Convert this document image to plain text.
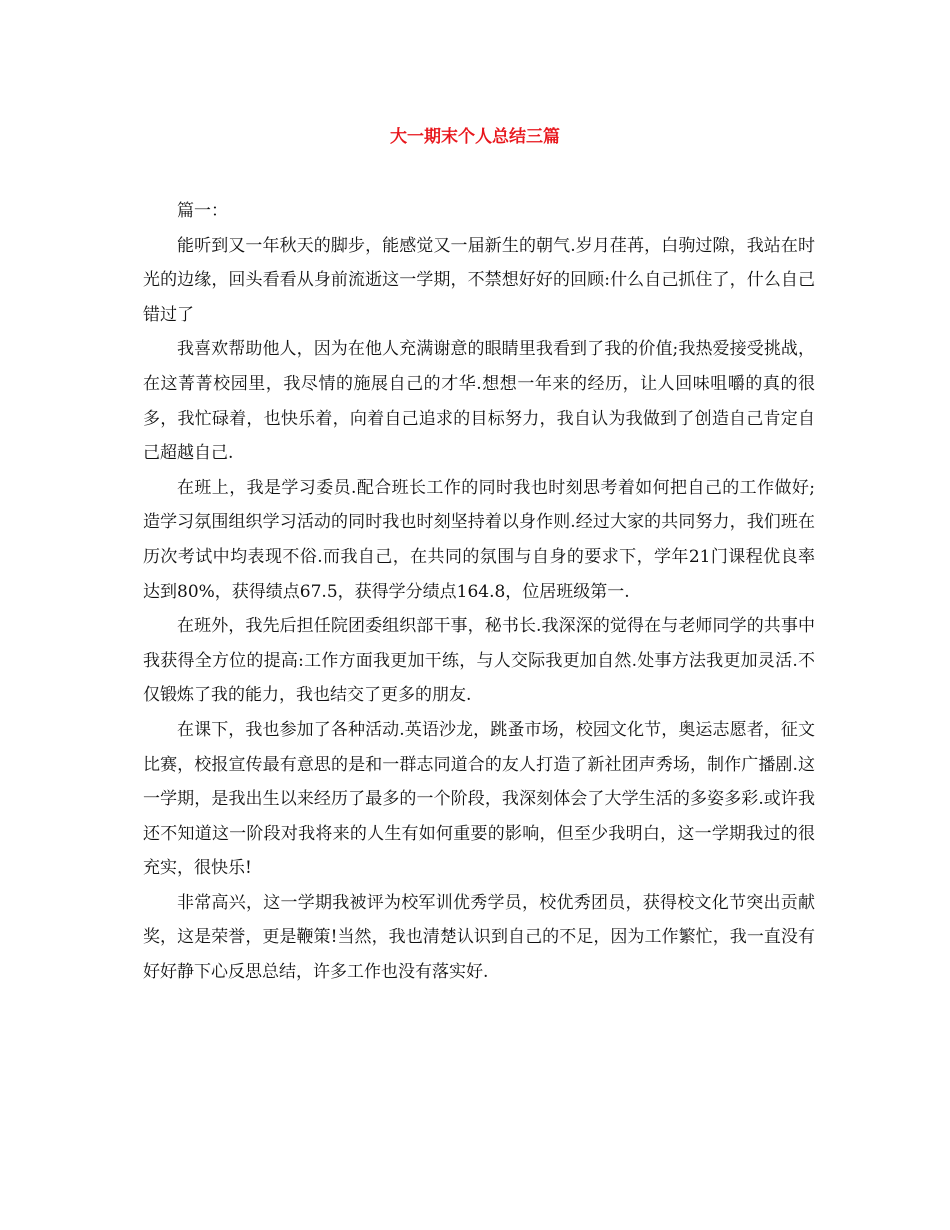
大一期末个人总结三篇

篇一：

能听到又一年秋天的脚步，能感觉又一届新生的朝气.岁月荏苒，白驹过隙，我站在时光的边缘，回头看看从身前流逝这一学期，不禁想好好的回顾:什么自己抓住了，什么自己错过了

我喜欢帮助他人，因为在他人充满谢意的眼睛里我看到了我的价值;我热爱接受挑战，在这菁菁校园里，我尽情的施展自己的才华.想想一年来的经历，让人回味咀嚼的真的很多，我忙碌着，也快乐着，向着自己追求的目标努力，我自认为我做到了创造自己肯定自己超越自己.

在班上，我是学习委员.配合班长工作的同时我也时刻思考着如何把自己的工作做好;造学习氛围组织学习活动的同时我也时刻坚持着以身作则.经过大家的共同努力，我们班在历次考试中均表现不俗.而我自己，在共同的氛围与自身的要求下，学年21门课程优良率达到80%，获得绩点67.5，获得学分绩点164.8，位居班级第一.

在班外，我先后担任院团委组织部干事，秘书长.我深深的觉得在与老师同学的共事中我获得全方位的提高:工作方面我更加干练，与人交际我更加自然.处事方法我更加灵活.不仅锻炼了我的能力，我也结交了更多的朋友.

在课下，我也参加了各种活动.英语沙龙，跳蚤市场，校园文化节，奥运志愿者，征文比赛，校报宣传最有意思的是和一群志同道合的友人打造了新社团声秀场，制作广播剧.这一学期，是我出生以来经历了最多的一个阶段，我深刻体会了大学生活的多姿多彩.或许我还不知道这一阶段对我将来的人生有如何重要的影响，但至少我明白，这一学期我过的很充实，很快乐!

非常高兴，这一学期我被评为校军训优秀学员，校优秀团员，获得校文化节突出贡献奖，这是荣誉，更是鞭策!当然，我也清楚认识到自己的不足，因为工作繁忙，我一直没有好好静下心反思总结，许多工作也没有落实好.
